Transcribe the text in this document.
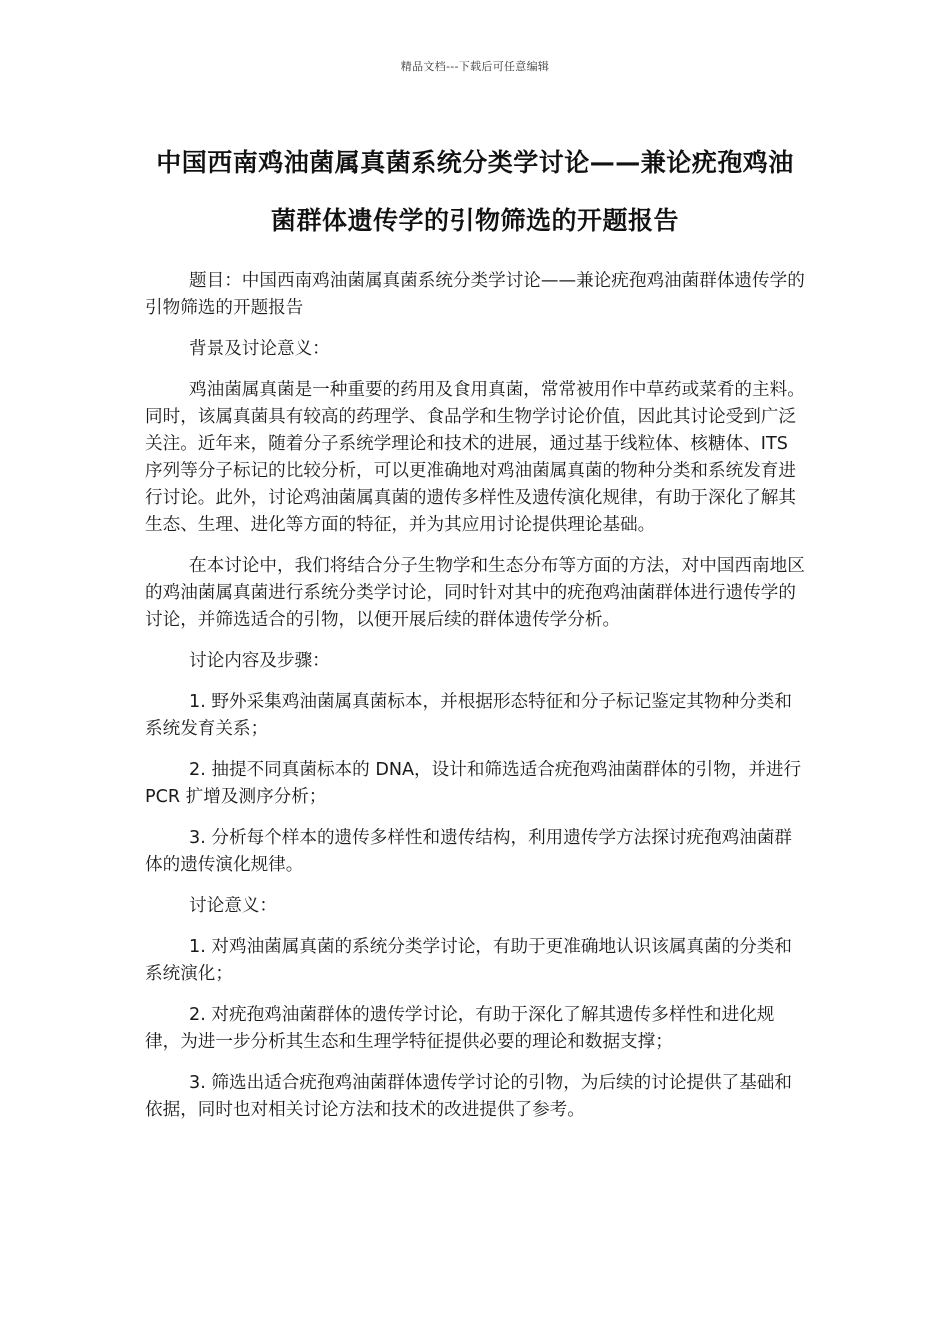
精品文档---下载后可任意编辑
中国西南鸡油菌属真菌系统分类学讨论——兼论疣孢鸡油菌群体遗传学的引物筛选的开题报告

题目：中国西南鸡油菌属真菌系统分类学讨论——兼论疣孢鸡油菌群体遗传学的引物筛选的开题报告

背景及讨论意义：

鸡油菌属真菌是一种重要的药用及食用真菌，常常被用作中草药或菜肴的主料。同时，该属真菌具有较高的药理学、食品学和生物学讨论价值，因此其讨论受到广泛关注。近年来，随着分子系统学理论和技术的进展，通过基于线粒体、核糖体、ITS 序列等分子标记的比较分析，可以更准确地对鸡油菌属真菌的物种分类和系统发育进行讨论。此外，讨论鸡油菌属真菌的遗传多样性及遗传演化规律，有助于深化了解其生态、生理、进化等方面的特征，并为其应用讨论提供理论基础。

在本讨论中，我们将结合分子生物学和生态分布等方面的方法，对中国西南地区的鸡油菌属真菌进行系统分类学讨论，同时针对其中的疣孢鸡油菌群体进行遗传学的讨论，并筛选适合的引物，以便开展后续的群体遗传学分析。

讨论内容及步骤：

1. 野外采集鸡油菌属真菌标本，并根据形态特征和分子标记鉴定其物种分类和系统发育关系；

2. 抽提不同真菌标本的 DNA，设计和筛选适合疣孢鸡油菌群体的引物，并进行 PCR 扩增及测序分析；

3. 分析每个样本的遗传多样性和遗传结构，利用遗传学方法探讨疣孢鸡油菌群体的遗传演化规律。

讨论意义：

1. 对鸡油菌属真菌的系统分类学讨论，有助于更准确地认识该属真菌的分类和系统演化；

2. 对疣孢鸡油菌群体的遗传学讨论，有助于深化了解其遗传多样性和进化规律，为进一步分析其生态和生理学特征提供必要的理论和数据支撑；

3. 筛选出适合疣孢鸡油菌群体遗传学讨论的引物，为后续的讨论提供了基础和依据，同时也对相关讨论方法和技术的改进提供了参考。
